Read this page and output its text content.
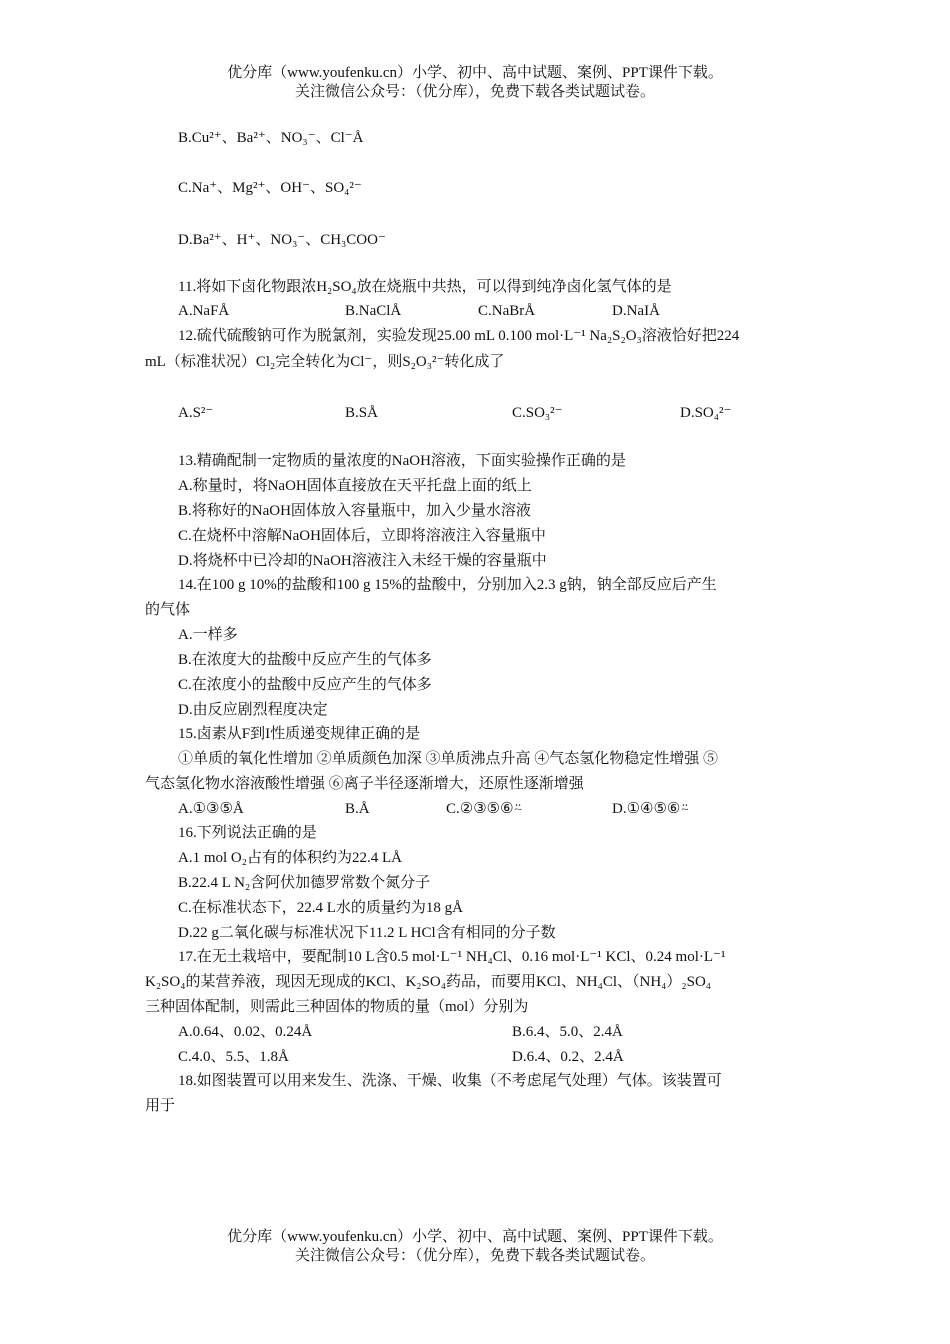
优分库（www.youfenku.cn）小学、初中、高中试题、案例、PPT课件下载。
关注微信公众号：（优分库），免费下载各类试题试卷。
B.Cu²⁺、Ba²⁺、NO₃⁻、Cl⁻Å
C.Na⁺、Mg²⁺、OH⁻、SO₄²⁻
D.Ba²⁺、H⁺、NO₃⁻、CH₃COO⁻
11.将如下卤化物跟浓H₂SO₄放在烧瓶中共热，可以得到纯净卤化氢气体的是
A.NaFÅ	B.NaClÅ	C.NaBrÅ	D.NaIÅ
12.硫代硫酸钠可作为脱氯剂，实验发现25.00 mL 0.100 mol·L⁻¹ Na₂S₂O₃溶液恰好把224
mL（标准状况）Cl₂完全转化为Cl⁻，则S₂O₃²⁻转化成了
A.S²⁻	B.SÅ	C.SO₃²⁻	D.SO₄²⁻
13.精确配制一定物质的量浓度的NaOH溶液，下面实验操作正确的是
A.称量时，将NaOH固体直接放在天平托盘上面的纸上
B.将称好的NaOH固体放入容量瓶中，加入少量水溶液
C.在烧杯中溶解NaOH固体后，立即将溶液注入容量瓶中
D.将烧杯中已冷却的NaOH溶液注入未经干燥的容量瓶中
14.在100 g 10%的盐酸和100 g 15%的盐酸中，分别加入2.3 g钠，钠全部反应后产生
的气体
A.一样多
B.在浓度大的盐酸中反应产生的气体多
C.在浓度小的盐酸中反应产生的气体多
D.由反应剧烈程度决定
15.卤素从F到I性质递变规律正确的是
①单质的氧化性增加 ②单质颜色加深 ③单质沸点升高 ④气态氢化物稳定性增强 ⑤
气态氢化物水溶液酸性增强 ⑥离子半径逐渐增大，还原性逐渐增强
A.①③⑤Å	B.Å	C.②③⑤⑥⍨	D.①④⑤⑥⍨
16.下列说法正确的是
A.1 mol O₂占有的体积约为22.4 LÅ
B.22.4 L N₂含阿伏加德罗常数个氮分子
C.在标准状态下，22.4 L水的质量约为18 gÅ
D.22 g二氧化碳与标准状况下11.2 L HCl含有相同的分子数
17.在无土栽培中，要配制10 L含0.5 mol·L⁻¹ NH₄Cl、0.16 mol·L⁻¹ KCl、0.24 mol·L⁻¹
K₂SO₄的某营养液，现因无现成的KCl、K₂SO₄药品，而要用KCl、NH₄Cl、（NH₄）₂SO₄
三种固体配制，则需此三种固体的物质的量（mol）分别为
A.0.64、0.02、0.24Å	B.6.4、5.0、2.4Å
C.4.0、5.5、1.8Å	D.6.4、0.2、2.4Å
18.如图装置可以用来发生、洗涤、干燥、收集（不考虑尾气处理）气体。该装置可
用于
优分库（www.youfenku.cn）小学、初中、高中试题、案例、PPT课件下载。
关注微信公众号：（优分库），免费下载各类试题试卷。
